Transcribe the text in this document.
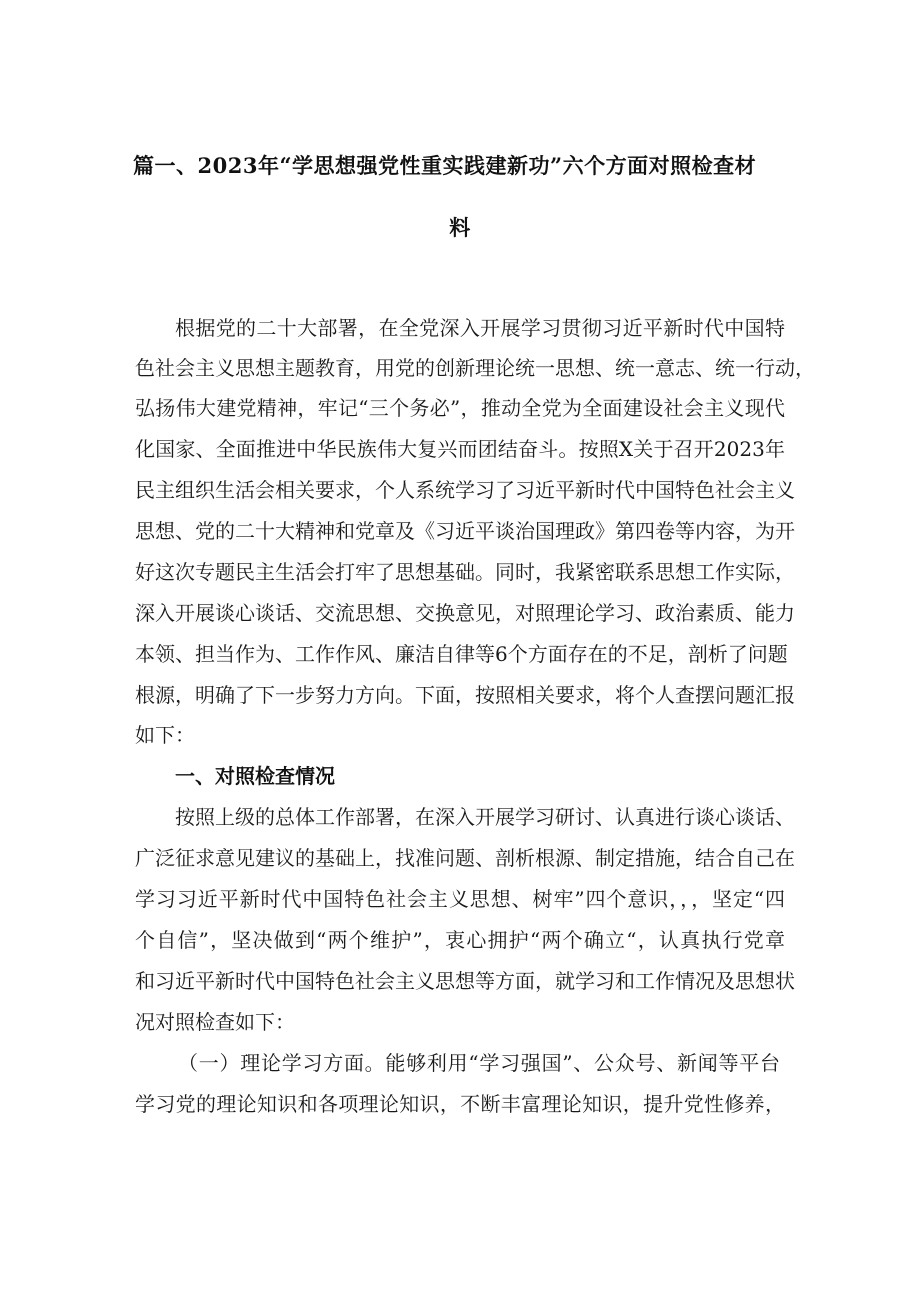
篇一、2023年“学思想强党性重实践建新功”六个方面对照检查材
料

根据党的二十大部署，在全党深入开展学习贯彻习近平新时代中国特

色社会主义思想主题教育，用党的创新理论统一思想、统一意志、统一行动，

弘扬伟大建党精神，牢记“三个务必”，推动全党为全面建设社会主义现代

化国家、全面推进中华民族伟大复兴而团结奋斗。按照X关于召开2023年

民主组织生活会相关要求，个人系统学习了习近平新时代中国特色社会主义

思想、党的二十大精神和党章及《习近平谈治国理政》第四卷等内容，为开

好这次专题民主生活会打牢了思想基础。同时，我紧密联系思想工作实际，

深入开展谈心谈话、交流思想、交换意见，对照理论学习、政治素质、能力

本领、担当作为、工作作风、廉洁自律等6个方面存在的不足，剖析了问题

根源，明确了下一步努力方向。下面，按照相关要求，将个人查摆问题汇报

如下：

一、对照检查情况

按照上级的总体工作部署，在深入开展学习研讨、认真进行谈心谈话、

广泛征求意见建议的基础上，找准问题、剖析根源、制定措施，结合自己在

学习习近平新时代中国特色社会主义思想、树牢”四个意识，，，坚定“四

个自信”，坚决做到“两个维护”，衷心拥护“两个确立“，认真执行党章

和习近平新时代中国特色社会主义思想等方面，就学习和工作情况及思想状

况对照检查如下：

（一）理论学习方面。能够利用“学习强国”、公众号、新闻等平台

学习党的理论知识和各项理论知识，不断丰富理论知识，提升党性修养，
